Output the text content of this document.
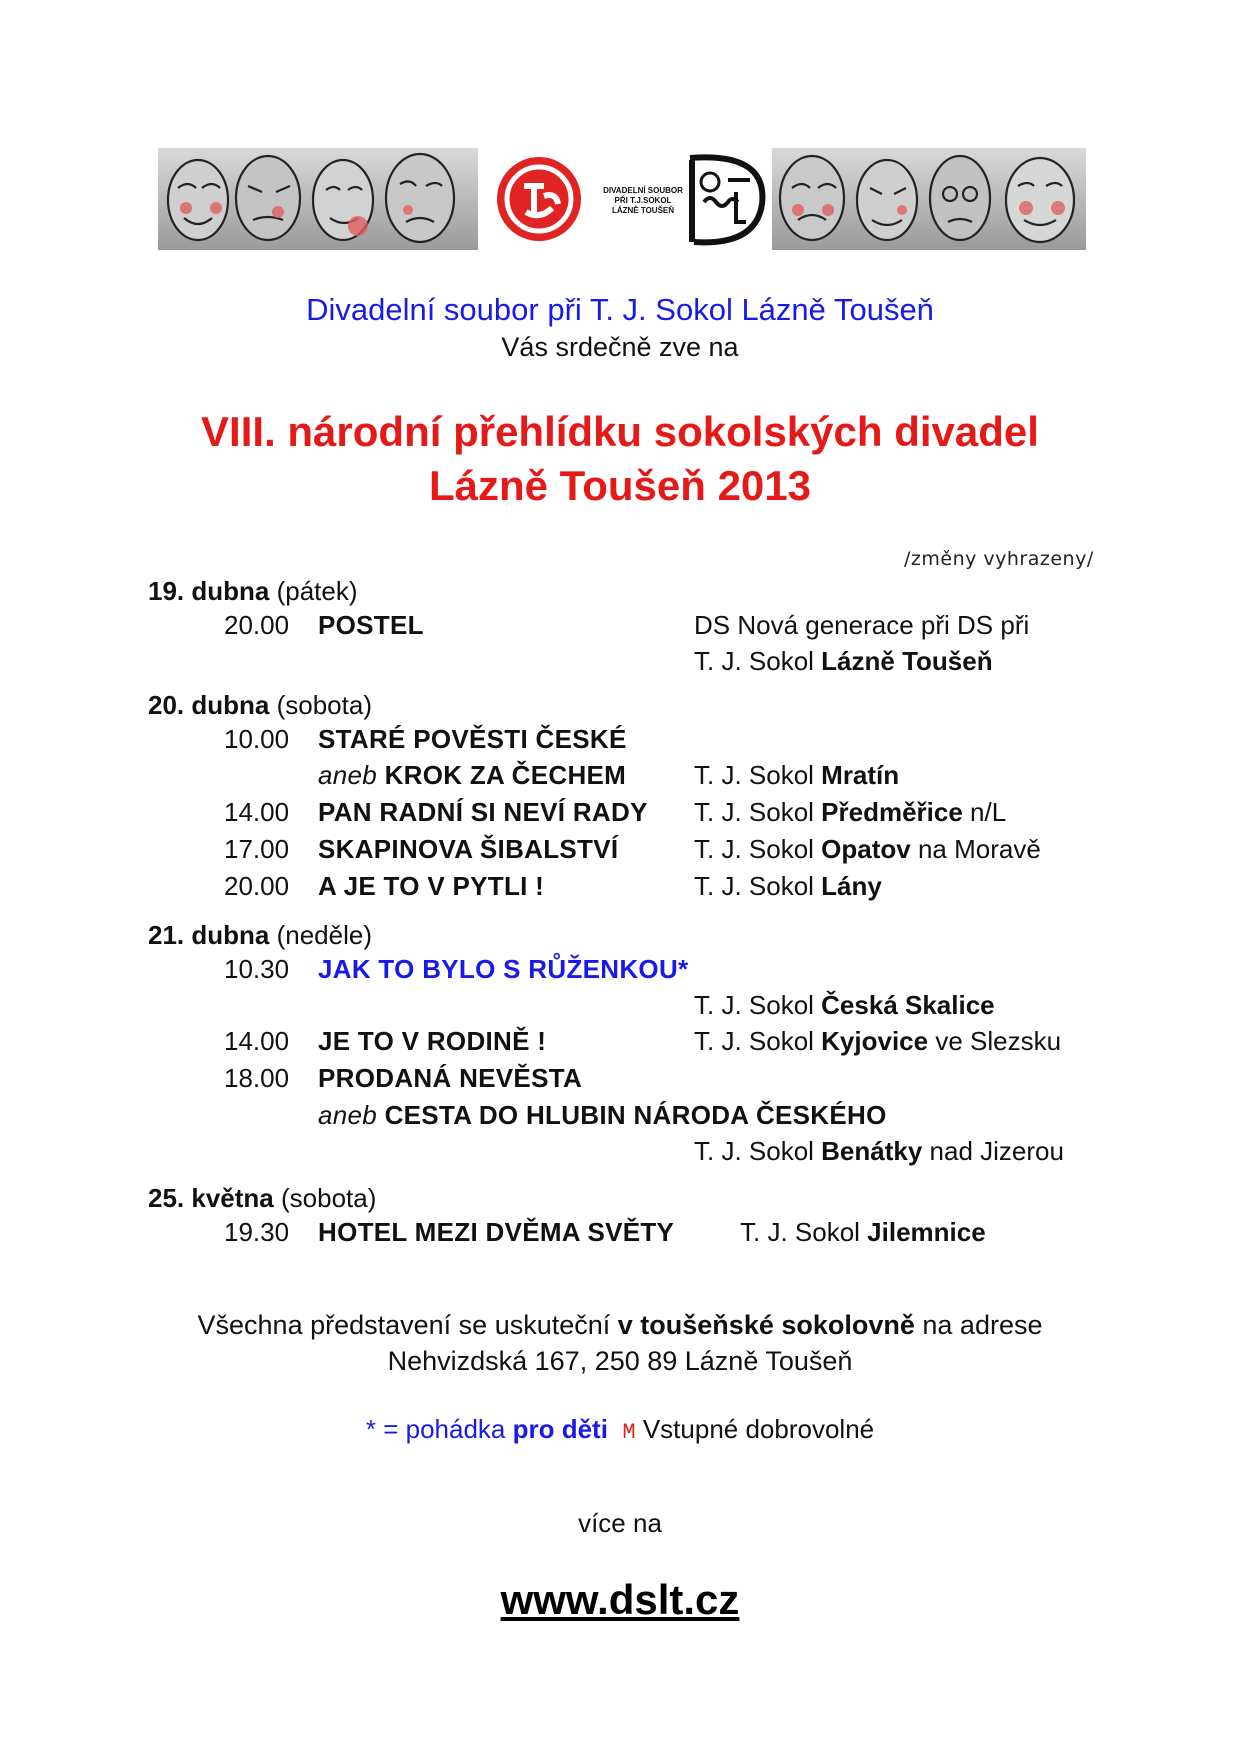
DIVADELNÍ SOUBOR
PŘI T.J.SOKOL
LÁZNĚ TOUŠEŇ
Divadelní soubor při T. J. Sokol Lázně Toušeň
Vás srdečně zve na
VIII. národní přehlídku sokolských divadel
Lázně Toušeň 2013
/změny vyhrazeny/
19. dubna (pátek)
20.00 POSTEL	DS Nová generace při DS při
T. J. Sokol Lázně Toušeň
20. dubna (sobota)
10.00 STARÉ POVĚSTI ČESKÉ
aneb KROK ZA ČECHEM	T. J. Sokol Mratín
14.00 PAN RADNÍ SI NEVÍ RADY T. J. Sokol Předměřice n/L
17.00 SKAPINOVA ŠIBALSTVÍ	T. J. Sokol Opatov na Moravě
20.00 A JE TO V PYTLI !	T. J. Sokol Lány
21. dubna (neděle)
10.30 JAK TO BYLO S RŮŽENKOU*
T. J. Sokol Česká Skalice
14.00 JE TO V RODINĚ !	T. J. Sokol Kyjovice ve Slezsku
18.00 PRODANÁ NEVĚSTA
aneb CESTA DO HLUBIN NÁRODA ČESKÉHO
T. J. Sokol Benátky nad Jizerou
25. května (sobota)
19.30 HOTEL MEZI DVĚMA SVĚTY	T. J. Sokol Jilemnice
Všechna představení se uskuteční v toušeňské sokolovně na adrese
Nehvizdská 167, 250 89 Lázně Toušeň
* = pohádka pro děti M Vstupné dobrovolné
více na
www.dslt.cz
